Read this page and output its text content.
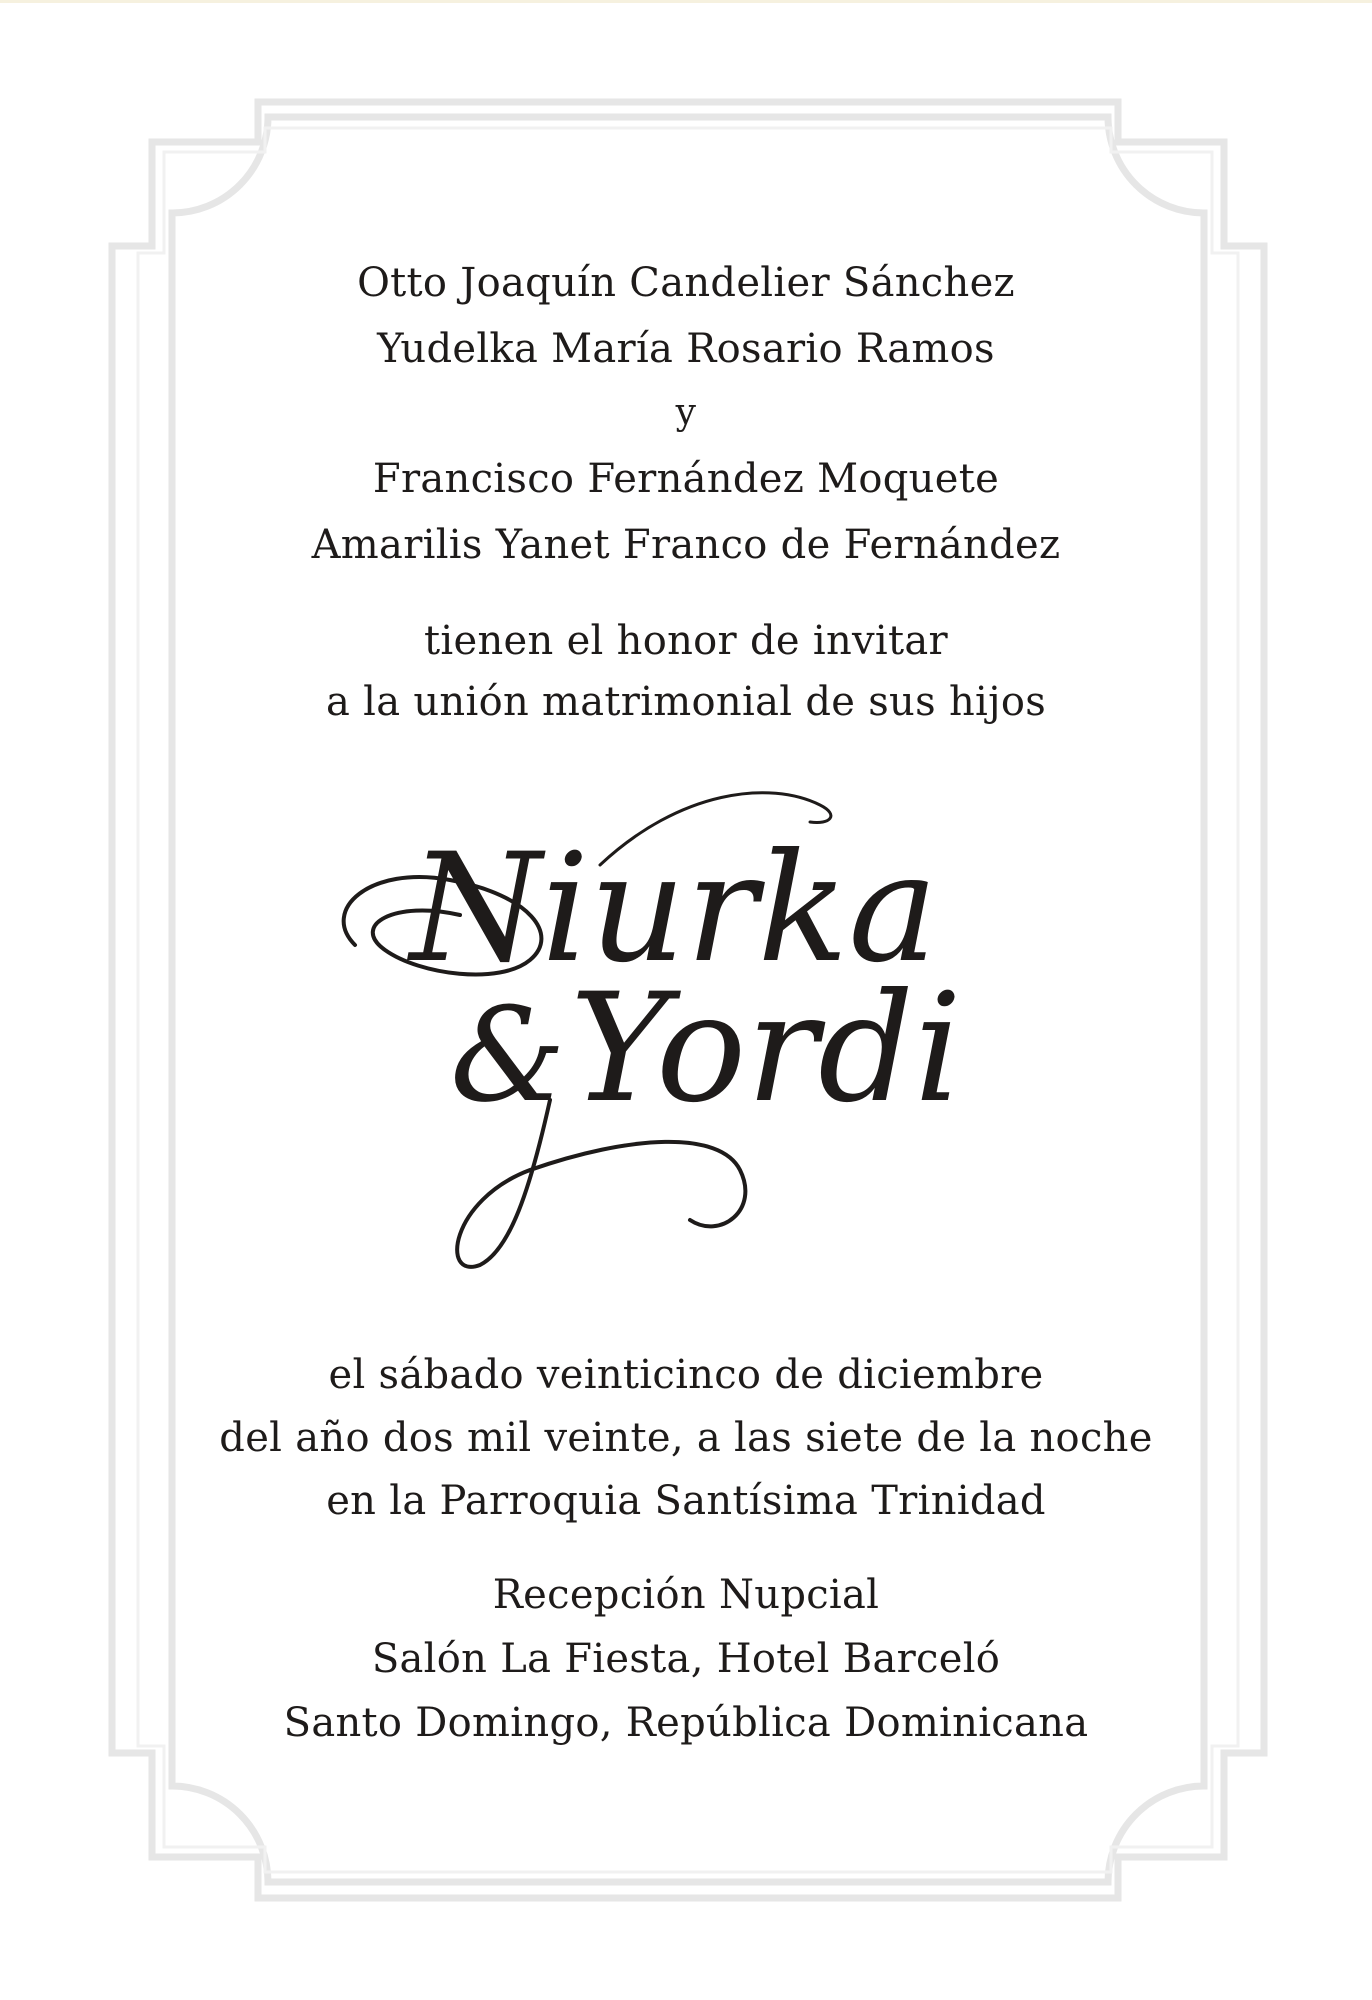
Otto Joaquín Candelier Sánchez
Yudelka María Rosario Ramos
y
Francisco Fernández Moquete
Amarilis Yanet Franco de Fernández
tienen el honor de invitar
a la unión matrimonial de sus hijos
Niurka
& Yordi
el sábado veinticinco de diciembre
del año dos mil veinte, a las siete de la noche
en la Parroquia Santísima Trinidad
Recepción Nupcial
Salón La Fiesta, Hotel Barceló
Santo Domingo, República Dominicana
